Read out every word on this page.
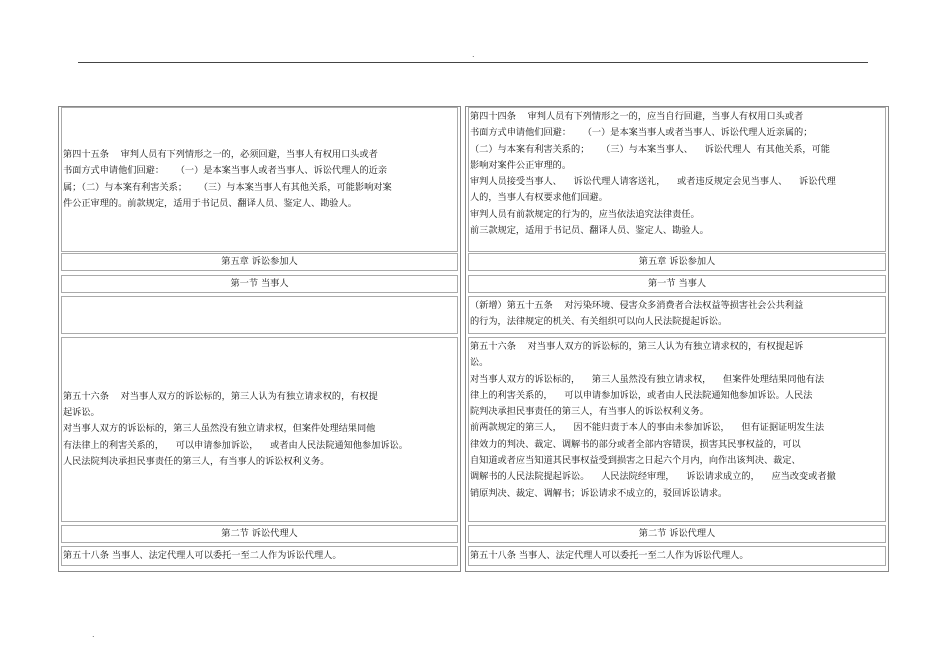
.
第四十五条    审判人员有下列情形之一的，必须回避，当事人有权用口头或者
书面方式申请他们回避：    （一）是本案当事人或者当事人、诉讼代理人的近亲
属；（二）与本案有利害关系；    （三）与本案当事人有其他关系，可能影响对案
件公正审理的。前款规定，适用于书记员、翻译人员、鉴定人、勘验人。
第五章 诉讼参加人
第一节 当事人
第五十六条    对当事人双方的诉讼标的，第三人认为有独立请求权的，有权提
起诉讼。
对当事人双方的诉讼标的，第三人虽然没有独立请求权，但案件处理结果同他
有法律上的利害关系的，    可以申请参加诉讼，    或者由人民法院通知他参加诉讼。
人民法院判决承担民事责任的第三人，有当事人的诉讼权利义务。
第二节 诉讼代理人
第五十八条 当事人、法定代理人可以委托一至二人作为诉讼代理人。
第四十四条    审判人员有下列情形之一的，应当自行回避，当事人有权用口头或者
书面方式申请他们回避：    （一）是本案当事人或者当事人、诉讼代理人近亲属的；
（二）与本案有利害关系的；    （三）与本案当事人、    诉讼代理人  有其他关系，可能
影响对案件公正审理的。
审判人员接受当事人、    诉讼代理人请客送礼，    或者违反规定会见当事人、    诉讼代理
人的，当事人有权要求他们回避。
审判人员有前款规定的行为的，应当依法追究法律责任。
前三款规定，适用于书记员、翻译人员、鉴定人、勘验人。
第五章 诉讼参加人
第一节 当事人
（新增）第五十五条    对污染环境、侵害众多消费者合法权益等损害社会公共利益
的行为，法律规定的机关、有关组织可以向人民法院提起诉讼。
第五十六条    对当事人双方的诉讼标的，第三人认为有独立请求权的，有权提起诉
讼。
对当事人双方的诉讼标的，    第三人虽然没有独立请求权，    但案件处理结果同他有法
律上的利害关系的，    可以申请参加诉讼，或者由人民法院通知他参加诉讼。人民法
院判决承担民事责任的第三人，有当事人的诉讼权利义务。
前两款规定的第三人，    因不能归责于本人的事由未参加诉讼，    但有证据证明发生法
律效力的判决、裁定、调解书的部分或者全部内容错误，损害其民事权益的，可以
自知道或者应当知道其民事权益受到损害之日起六个月内，向作出该判决、裁定、
调解书的人民法院提起诉讼。    人民法院经审理，    诉讼请求成立的，    应当改变或者撤
销原判决、裁定、调解书；诉讼请求不成立的，驳回诉讼请求。
第二节 诉讼代理人
第五十八条 当事人、法定代理人可以委托一至二人作为诉讼代理人。
.
